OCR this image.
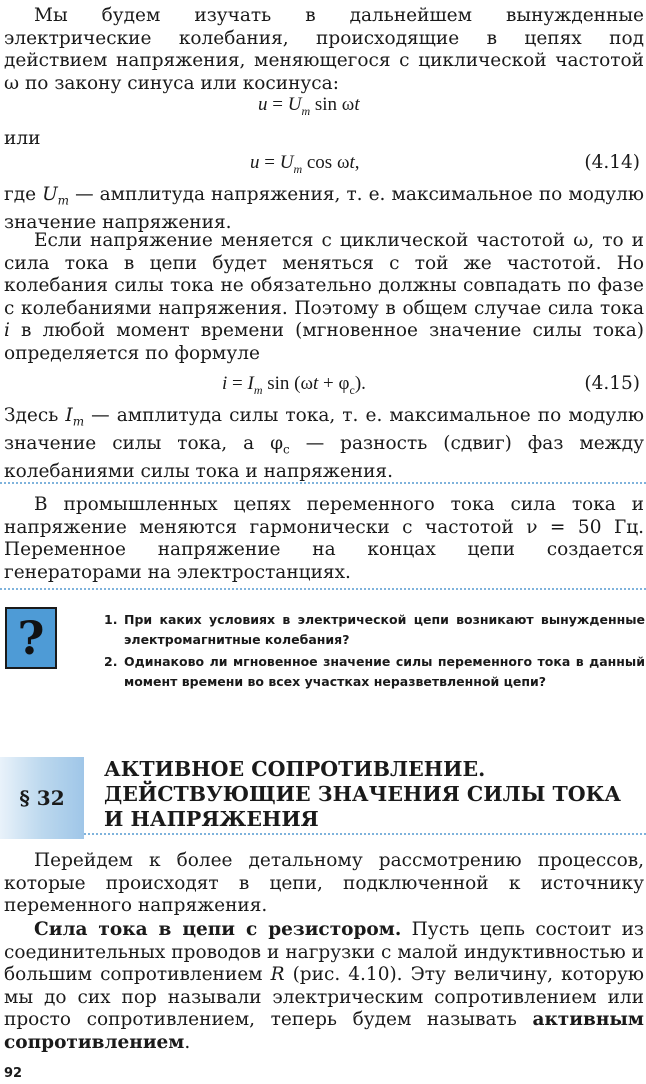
Мы будем изучать в дальнейшем вынужденные электрические колебания, происходящие в цепях под действием напряжения, меняющегося с циклической частотой ω по закону синуса или косинуса:
$u = U_m$ sin ωt
или
$u = U_m$ cos ωt,	(4.14)
где $U_m$ — амплитуда напряжения, т. е. максимальное по модулю значение напряжения.
Если напряжение меняется с циклической частотой ω, то и сила тока в цепи будет меняться с той же частотой. Но колебания силы тока не обязательно должны совпадать по фазе с колебаниями напряжения. Поэтому в общем случае сила тока i в любой момент времени (мгновенное значение силы тока) определяется по формуле
$i = I_m$ $\sin (\omega t + \varphi_c)$.	(4.15)
Здесь $I_m$ — амплитуда силы тока, т. е. максимальное по модулю значение силы тока, а $\varphi_c$ — разность (сдвиг) фаз между колебаниями силы тока и напряжения.
В промышленных цепях переменного тока сила тока и напряжение меняются гармонически с частотой ν = 50 Гц. Переменное напряжение на концах цепи создается генераторами на электростанциях.
?	1. При каких условиях в электрической цепи возникают вынужденные электромагнитные колебания?
2. Одинаково ли мгновенное значение силы переменного тока в данный момент времени во всех участках неразветвленной цепи?
§ 32
АКТИВНОЕ СОПРОТИВЛЕНИЕ.
ДЕЙСТВУЮЩИЕ ЗНАЧЕНИЯ СИЛЫ ТОКА
И НАПРЯЖЕНИЯ
Перейдем к более детальному рассмотрению процессов, которые происходят в цепи, подключенной к источнику переменного напряжения.
Сила тока в цепи с резистором. Пусть цепь состоит из соединительных проводов и нагрузки с малой индуктивностью и большим сопротивлением R (рис. 4.10). Эту величину, которую мы до сих пор называли электрическим сопротивлением или просто сопротивлением, теперь будем называть активным сопротивлением.
92
